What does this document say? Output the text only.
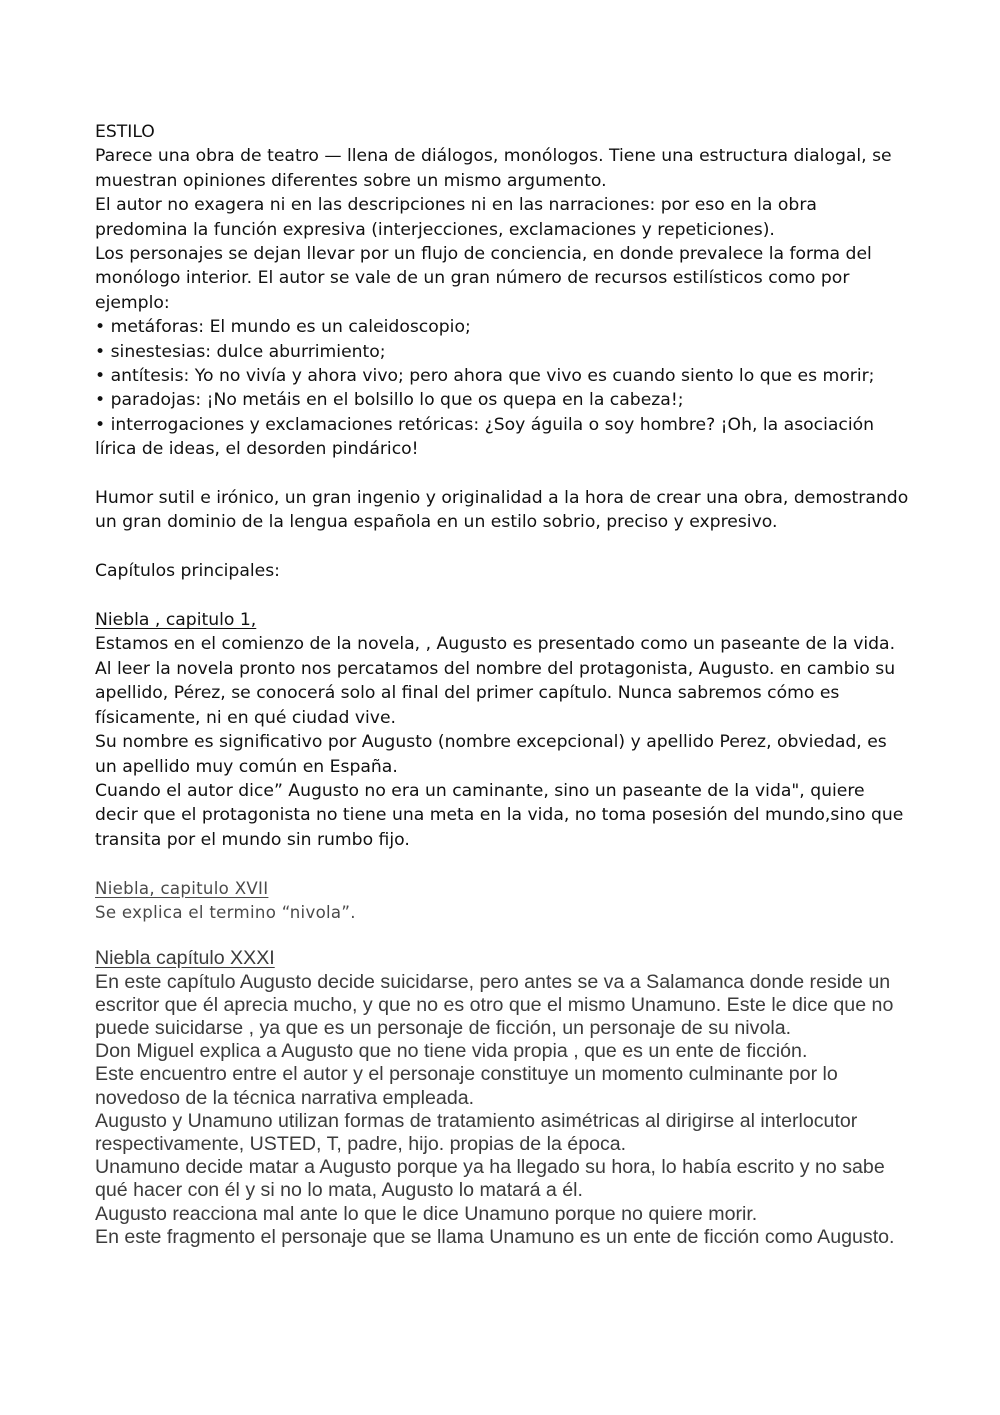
ESTILO

Parece una obra de teatro — llena de diálogos, monólogos. Tiene una estructura dialogal, se muestran opiniones diferentes sobre un mismo argumento.

El autor no exagera ni en las descripciones ni en las narraciones: por eso en la obra predomina la función expresiva (interjecciones, exclamaciones y repeticiones).

Los personajes se dejan llevar por un flujo de conciencia, en donde prevalece la forma del monólogo interior. El autor se vale de un gran número de recursos estilísticos como por ejemplo:

• metáforas: El mundo es un caleidoscopio;

• sinestesias: dulce aburrimiento;

• antítesis: Yo no vivía y ahora vivo; pero ahora que vivo es cuando siento lo que es morir;

• paradojas: ¡No metáis en el bolsillo lo que os quepa en la cabeza!;

• interrogaciones y exclamaciones retóricas: ¿Soy águila o soy hombre? ¡Oh, la asociación lírica de ideas, el desorden pindárico!

Humor sutil e irónico, un gran ingenio y originalidad a la hora de crear una obra, demostrando un gran dominio de la lengua española en un estilo sobrio, preciso y expresivo.

Capítulos principales:

Niebla , capitulo 1,

Estamos en el comienzo de la novela, , Augusto es presentado como un paseante de la vida. Al leer la novela pronto nos percatamos del nombre del protagonista, Augusto. en cambio su apellido, Pérez, se conocerá solo al final del primer capítulo. Nunca sabremos cómo es físicamente, ni en qué ciudad vive.

Su nombre es significativo por Augusto (nombre excepcional) y apellido Perez, obviedad, es un apellido muy común en España.

Cuando el autor dice” Augusto no era un caminante, sino un paseante de la vida", quiere decir que el protagonista no tiene una meta en la vida, no toma posesión del mundo,sino que transita por el mundo sin rumbo fijo.

Niebla, capitulo XVII

Se explica el termino “nivola”.

Niebla capítulo XXXI

En este capítulo Augusto decide suicidarse, pero antes se va a Salamanca donde reside un escritor que él aprecia mucho, y que no es otro que el mismo Unamuno. Este le dice que no puede suicidarse , ya que es un personaje de ficción, un personaje de su nivola.

Don Miguel explica a Augusto que no tiene vida propia , que es un ente de ficción.

Este encuentro entre el autor y el personaje constituye un momento culminante por lo novedoso de la técnica narrativa empleada.

Augusto y Unamuno utilizan formas de tratamiento asimétricas al dirigirse al interlocutor respectivamente, USTED, T, padre, hijo. propias de la época.

Unamuno decide matar a Augusto porque ya ha llegado su hora, lo había escrito y no sabe qué hacer con él y si no lo mata, Augusto lo matará a él.

Augusto reacciona mal ante lo que le dice Unamuno porque no quiere morir.

En este fragmento el personaje que se llama Unamuno es un ente de ficción como Augusto.
